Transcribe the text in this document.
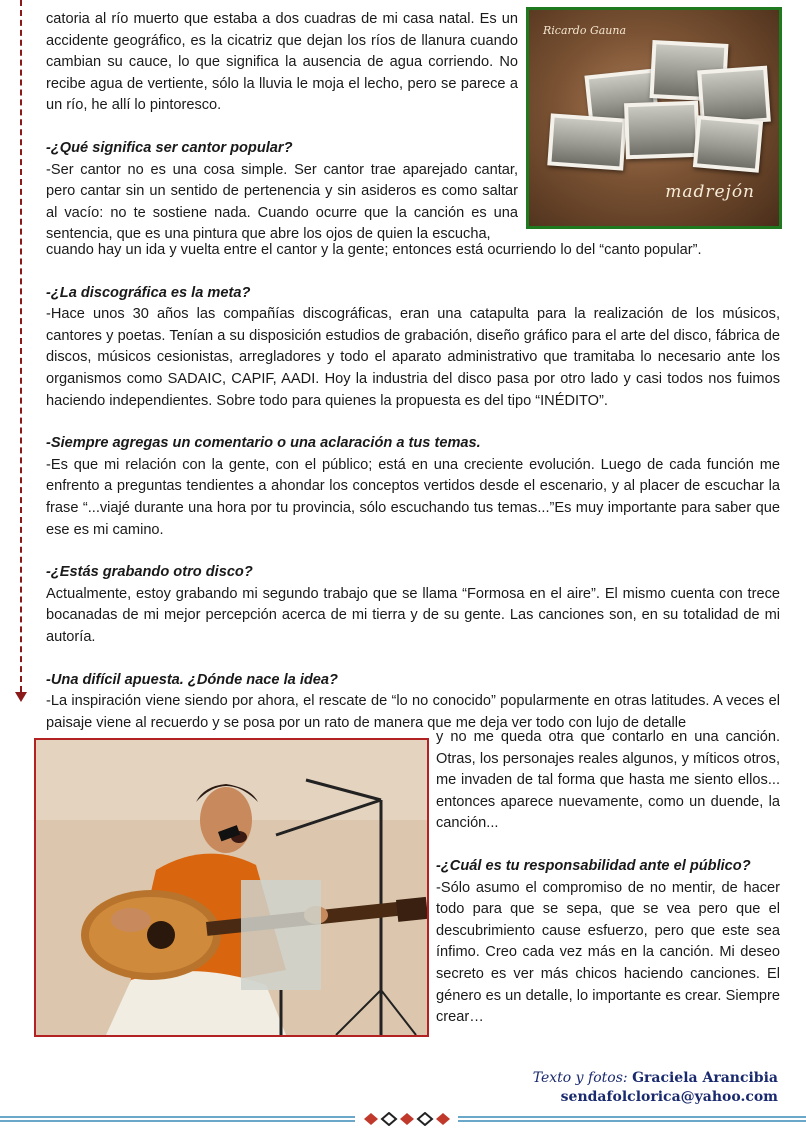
catoria al río muerto que estaba a dos cuadras de mi casa natal. Es un accidente geográfico, es la cicatriz que dejan los ríos de llanura cuando cambian su cauce, lo que significa la ausencia de agua corriendo. No recibe agua de vertiente, sólo la lluvia le moja el lecho, pero se parece a un río, he allí lo pintoresco.

-¿Qué significa ser cantor popular?

-Ser cantor no es una cosa simple. Ser cantor trae aparejado cantar, pero cantar sin un sentido de pertenencia y sin asideros es como saltar al vacío: no te sostiene nada. Cuando ocurre que la canción es una sentencia, que es una pintura que abre los ojos de quien la escucha,

Ricardo Gauna
madrejón

cuando hay un ida y vuelta entre el cantor y la gente; entonces está ocurriendo lo del “canto popular”.

-¿La discográfica es la meta?

-Hace unos 30 años las compañías discográficas, eran una catapulta para la realización de los músicos, cantores y poetas. Tenían a su disposición estudios de grabación, diseño gráfico para el arte del disco, fábrica de discos, músicos cesionistas, arregladores y todo el aparato administrativo que tramitaba lo necesario ante los organismos como SADAIC, CAPIF, AADI. Hoy la industria del disco pasa por otro lado y casi todos nos fuimos haciendo independientes. Sobre todo para quienes la propuesta es del tipo “INÉDITO”.

-Siempre agregas un comentario o una aclaración a tus temas.

-Es que mi relación con la gente, con el público; está en una creciente evolución. Luego de cada función me enfrento a preguntas tendientes a ahondar los conceptos vertidos desde el escenario, y al placer de escuchar la frase “...viajé durante una hora por tu provincia, sólo escuchando tus temas...”Es muy importante para saber que ese es mi camino.

-¿Estás grabando otro disco?

Actualmente, estoy grabando mi segundo trabajo que se llama “Formosa en el aire”. El mismo cuenta con trece bocanadas de mi mejor percepción acerca de mi tierra y de su gente. Las canciones son, en su totalidad de mi autoría.

-Una difícil apuesta. ¿Dónde nace la idea?

-La inspiración viene siendo por ahora, el rescate de “lo no conocido” popularmente en otras latitudes. A veces el paisaje viene al recuerdo y se posa por un rato de manera que me deja ver todo con lujo de detalle

y no me queda otra que contarlo en una canción. Otras, los personajes reales algunos, y míticos otros, me invaden de tal forma que hasta me siento ellos... entonces aparece nuevamente, como un duende, la canción...

-¿Cuál es tu responsabilidad ante el público?

-Sólo asumo el compromiso de no mentir, de hacer todo para que se sepa, que se vea pero que el descubrimiento cause esfuerzo, pero que este sea ínfimo. Creo cada vez más en la canción. Mi deseo secreto es ver más chicos haciendo canciones. El género es un detalle, lo importante es crear. Siempre crear…

Texto y fotos: Graciela Arancibia
sendafolclorica@yahoo.com
